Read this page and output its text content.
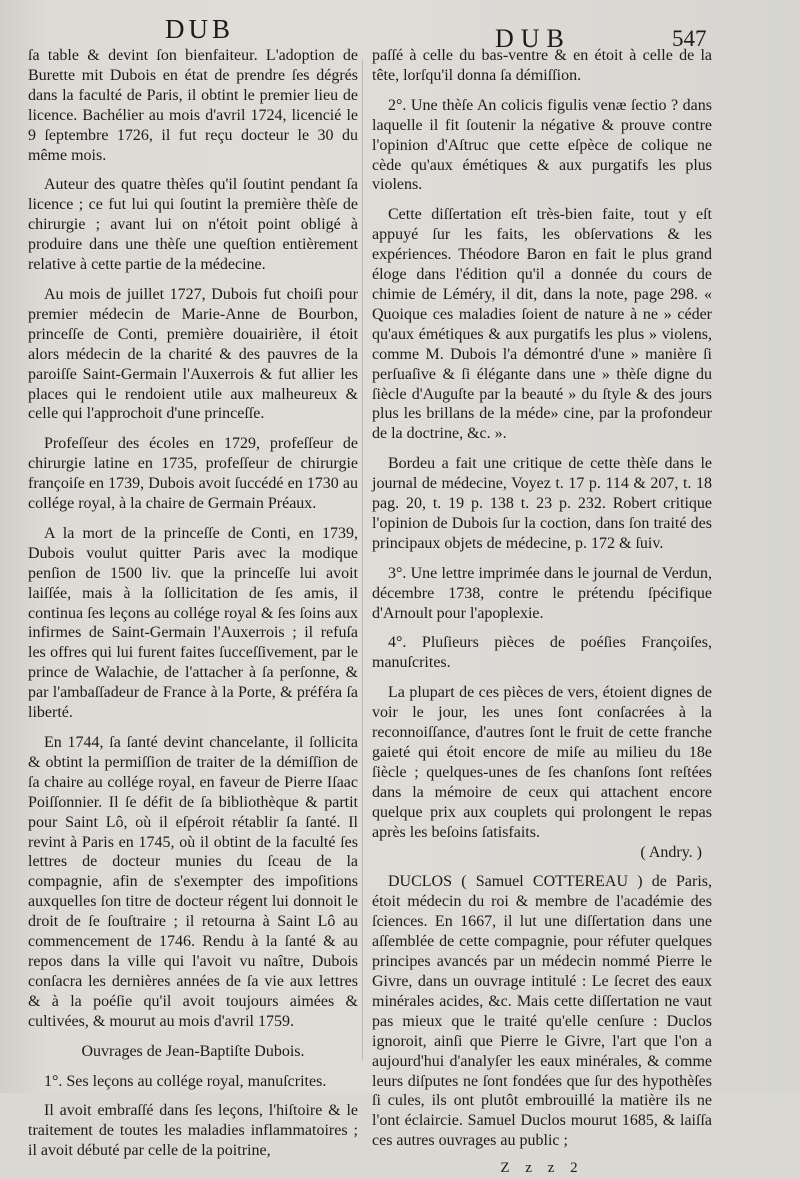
DUB	DUB	547

ſa table & devint ſon bienfaiteur. L'adoption de Burette mit Dubois en état de prendre ſes dégrés dans la faculté de Paris, il obtint le premier lieu de licence. Bachélier au mois d'avril 1724, licencié le 9 ſeptembre 1726, il fut reçu docteur le 30 du même mois.

Auteur des quatre thèſes qu'il ſoutint pendant ſa licence ; ce fut lui qui ſoutint la première thèſe de chirurgie ; avant lui on n'étoit point obligé à produire dans une thèſe une queſtion entièrement relative à cette partie de la médecine.

Au mois de juillet 1727, Dubois fut choiſi pour premier médecin de Marie-Anne de Bourbon, princeſſe de Conti, première douairière, il étoit alors médecin de la charité & des pauvres de la paroiſſe Saint-Germain l'Auxerrois & fut allier les places qui le rendoient utile aux malheureux & celle qui l'approchoit d'une princeſſe.

Profeſſeur des écoles en 1729, profeſſeur de chirurgie latine en 1735, profeſſeur de chirurgie françoiſe en 1739, Dubois avoit ſuccédé en 1730 au collége royal, à la chaire de Germain Préaux.

A la mort de la princeſſe de Conti, en 1739, Dubois voulut quitter Paris avec la modique penſion de 1500 liv. que la princeſſe lui avoit laiſſée, mais à la ſollicitation de ſes amis, il continua ſes leçons au collége royal & ſes ſoins aux infirmes de Saint-Germain l'Auxerrois ; il refuſa les offres qui lui furent faites ſucceſſivement, par le prince de Walachie, de l'attacher à ſa perſonne, & par l'ambaſſadeur de France à la Porte, & préféra ſa liberté.

En 1744, ſa ſanté devint chancelante, il ſollicita & obtint la permiſſion de traiter de la démiſſion de ſa chaire au collége royal, en faveur de Pierre Iſaac Poiſſonnier. Il ſe défit de ſa bibliothèque & partit pour Saint Lô, où il eſpéroit rétablir ſa ſanté. Il revint à Paris en 1745, où il obtint de la faculté ſes lettres de docteur munies du ſceau de la compagnie, afin de s'exempter des impoſitions auxquelles ſon titre de docteur régent lui donnoit le droit de ſe ſouſtraire ; il retourna à Saint Lô au commencement de 1746. Rendu à la ſanté & au repos dans la ville qui l'avoit vu naître, Dubois conſacra les dernières années de ſa vie aux lettres & à la poéſie qu'il avoit toujours aimées & cultivées, & mourut au mois d'avril 1759.

Ouvrages de Jean-Baptiſte Dubois.

1°. Ses leçons au collége royal, manuſcrites.

Il avoit embraſſé dans ſes leçons, l'hiſtoire & le traitement de toutes les maladies inflammatoires ; il avoit débuté par celle de la poitrine,

paſſé à celle du bas-ventre & en étoit à celle de la tête, lorſqu'il donna ſa démiſſion.

2°. Une thèſe An colicis figulis venæ ſectio ? dans laquelle il fit ſoutenir la négative & prouve contre l'opinion d'Aſtruc que cette eſpèce de colique ne cède qu'aux émétiques & aux purgatifs les plus violens.

Cette diſſertation eſt très-bien faite, tout y eſt appuyé ſur les faits, les obſervations & les expériences. Théodore Baron en fait le plus grand éloge dans l'édition qu'il a donnée du cours de chimie de Léméry, il dit, dans la note, page 298. « Quoique ces maladies ſoient de nature à ne » céder qu'aux émétiques & aux purgatifs les plus » violens, comme M. Dubois l'a démontré d'une » manière ſi perſuaſive & ſi élégante dans une » thèſe digne du ſiècle d'Auguſte par la beauté » du ſtyle & des jours plus les brillans de la méde» cine, par la profondeur de la doctrine, &c. ».

Bordeu a fait une critique de cette thèſe dans le journal de médecine, Voyez t. 17 p. 114 & 207, t. 18 pag. 20, t. 19 p. 138 t. 23 p. 232. Robert critique l'opinion de Dubois ſur la coction, dans ſon traité des principaux objets de médecine, p. 172 & ſuiv.

3°. Une lettre imprimée dans le journal de Verdun, décembre 1738, contre le prétendu ſpécifique d'Arnoult pour l'apoplexie.

4°. Pluſieurs pièces de poéſies Françoiſes, manuſcrites.

La plupart de ces pièces de vers, étoient dignes de voir le jour, les unes ſont conſacrées à la reconnoiſſance, d'autres ſont le fruit de cette franche gaieté qui étoit encore de miſe au milieu du 18e ſiècle ; quelques-unes de ſes chanſons ſont reſtées dans la mémoire de ceux qui attachent encore quelque prix aux couplets qui prolongent le repas après les beſoins ſatisfaits.

( Andry. )

DUCLOS ( Samuel COTTEREAU ) de Paris, étoit médecin du roi & membre de l'académie des ſciences. En 1667, il lut une diſſertation dans une aſſemblée de cette compagnie, pour réfuter quelques principes avancés par un médecin nommé Pierre le Givre, dans un ouvrage intitulé : Le ſecret des eaux minérales acides, &c. Mais cette diſſertation ne vaut pas mieux que le traité qu'elle cenſure : Duclos ignoroit, ainſi que Pierre le Givre, l'art que l'on a aujourd'hui d'analyſer les eaux minérales, & comme leurs diſputes ne ſont fondées que ſur des hypothèſes ſi cules, ils ont plutôt embrouillé la matière ils ne l'ont éclaircie. Samuel Duclos mourut 1685, & laiſſa ces autres ouvrages au public ;

Z z z 2
